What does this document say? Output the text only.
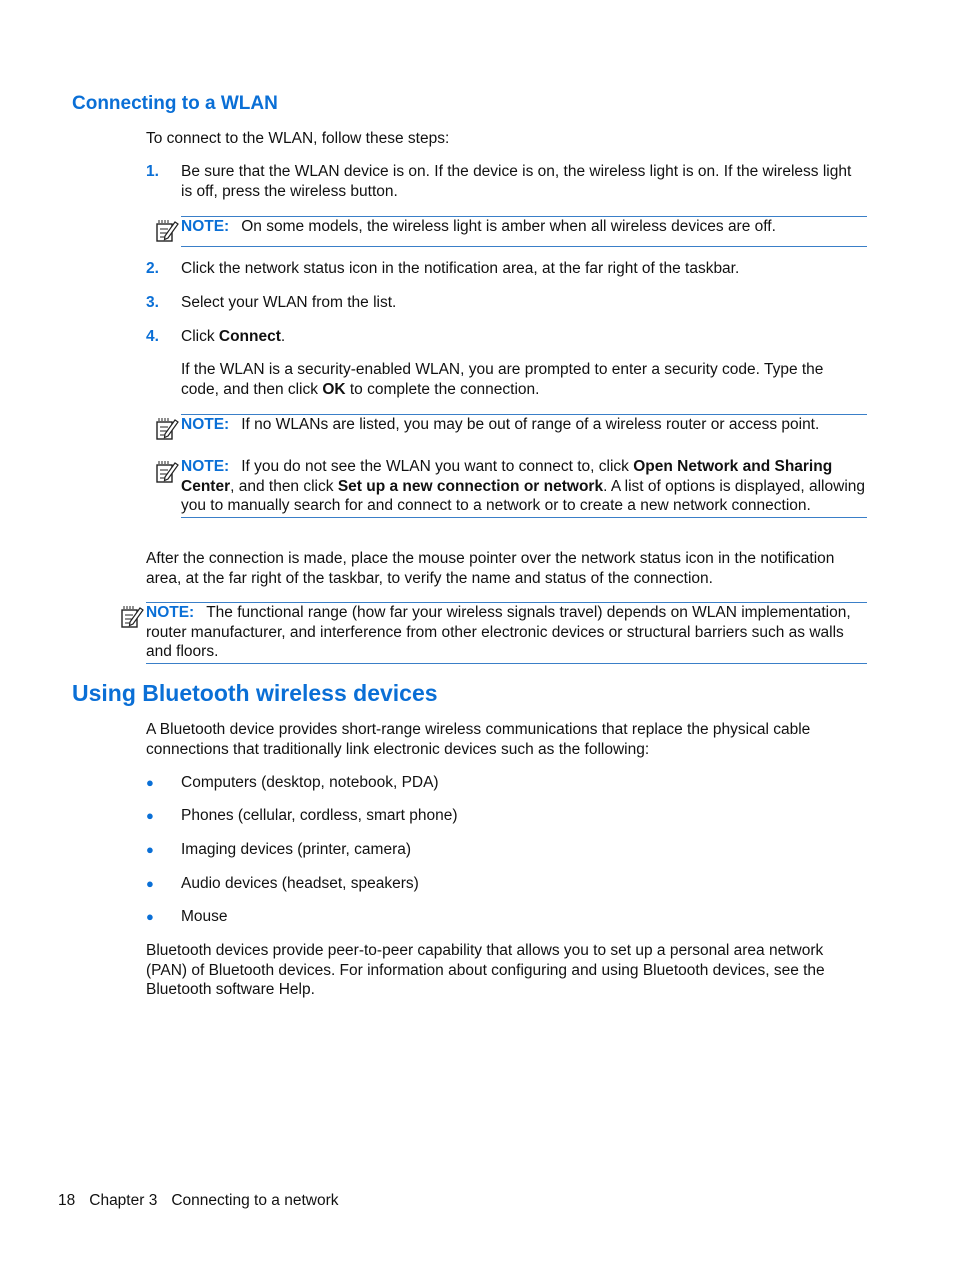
Connecting to a WLAN

To connect to the WLAN, follow these steps:

1. Be sure that the WLAN device is on. If the device is on, the wireless light is on. If the wireless light is off, press the wireless button.

NOTE: On some models, the wireless light is amber when all wireless devices are off.

2. Click the network status icon in the notification area, at the far right of the taskbar.

3. Select your WLAN from the list.

4. Click Connect.

If the WLAN is a security-enabled WLAN, you are prompted to enter a security code. Type the code, and then click OK to complete the connection.

NOTE: If no WLANs are listed, you may be out of range of a wireless router or access point.

NOTE: If you do not see the WLAN you want to connect to, click Open Network and Sharing Center, and then click Set up a new connection or network. A list of options is displayed, allowing you to manually search for and connect to a network or to create a new network connection.

After the connection is made, place the mouse pointer over the network status icon in the notification area, at the far right of the taskbar, to verify the name and status of the connection.

NOTE: The functional range (how far your wireless signals travel) depends on WLAN implementation, router manufacturer, and interference from other electronic devices or structural barriers such as walls and floors.

Using Bluetooth wireless devices

A Bluetooth device provides short-range wireless communications that replace the physical cable connections that traditionally link electronic devices such as the following:

● Computers (desktop, notebook, PDA)

● Phones (cellular, cordless, smart phone)

● Imaging devices (printer, camera)

● Audio devices (headset, speakers)

● Mouse

Bluetooth devices provide peer-to-peer capability that allows you to set up a personal area network (PAN) of Bluetooth devices. For information about configuring and using Bluetooth devices, see the Bluetooth software Help.

18 Chapter 3 Connecting to a network
